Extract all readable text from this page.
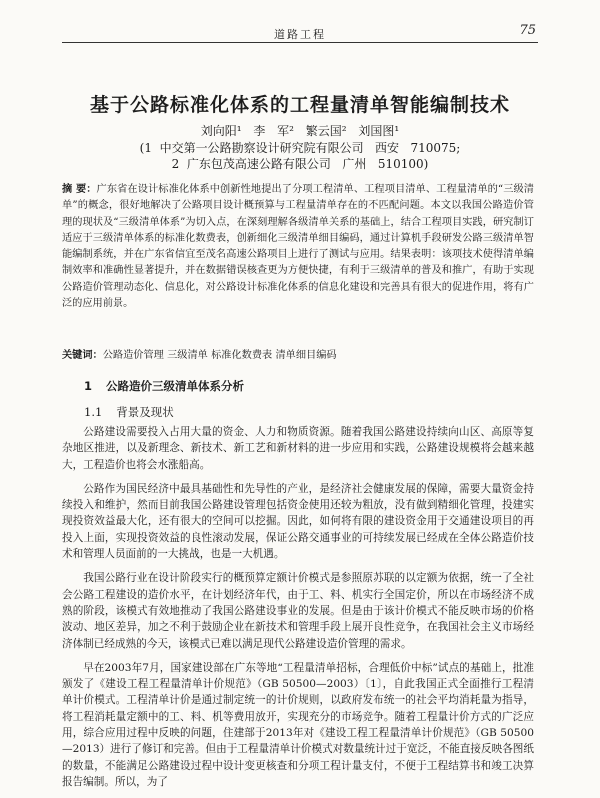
道路工程	75
基于公路标准化体系的工程量清单智能编制技术
刘向阳¹ 李 军² 繁云国² 刘国图¹
(1  中交第一公路勘察设计研究院有限公司   西安   710075;
2  广东包茂高速公路有限公司   广州   510100)
摘 要：广东省在设计标准化体系中创新性地提出了分项工程清单、工程项目清单、工程量清单的“三级清单”的概念，很好地解决了公路项目设计概预算与工程量清单存在的不匹配问题。本文以我国公路造价管理的现状及“三级清单体系”为切入点，在深刻理解各级清单关系的基础上，结合工程项目实践，研究制订适应于三级清单体系的标准化数费表，创新细化三级清单细目编码，通过计算机手段研发公路三级清单智能编制系统，并在广东省信宜至茂名高速公路项目上进行了测试与应用。结果表明：该项技术使得清单编制效率和准确性显著提升，并在数据错误核查更为方便快捷，有利于三级清单的普及和推广，有助于实现公路造价管理动态化、信息化，对公路设计标准化体系的信息化建设和完善具有很大的促进作用，将有广泛的应用前景。
关键词：公路造价管理 三级清单 标准化数费表 清单细目编码
1 公路造价三级清单体系分析
1.1 背景及现状

公路建设需要投入占用大量的资金、人力和物质资源。随着我国公路建设持续向山区、高原等复杂地区推进，以及新理念、新技术、新工艺和新材料的进一步应用和实践，公路建设规模将会越来越大，工程造价也将会水涨船高。

公路作为国民经济中最具基础性和先导性的产业，是经济社会健康发展的保障，需要大量资金持续投入和维护，然而目前我国公路建设管理包括资金使用还较为粗放，没有做到精细化管理，投建实现投资效益最大化，还有很大的空间可以挖掘。因此，如何将有限的建设资金用于交通建设项目的再投入上面，实现投资效益的良性滚动发展，保证公路交通事业的可持续发展已经成在全体公路造价技术和管理人员面前的一大挑战，也是一大机遇。

我国公路行业在设计阶段实行的概预算定额计价模式是参照原苏联的以定额为依据，统一了全社会公路工程建设的造价水平，在计划经济年代，由于工、料、机实行全国定价，所以在市场经济不成熟的阶段，该模式有效地推动了我国公路建设事业的发展。但是由于该计价模式不能反映市场的价格波动、地区差异，加之不利于鼓励企业在新技术和管理手段上展开良性竞争，在我国社会主义市场经济体制已经成熟的今天，该模式已难以满足现代公路建设造价管理的需求。

早在2003年7月，国家建设部在广东等地“工程量清单招标，合理低价中标”试点的基础上，批准颁发了《建设工程工程量清单计价规范》（GB 50500—2003）〔1〕，自此我国正式全面推行工程清单计价模式。工程清单计价是通过制定统一的计价规则，以政府发布统一的社会平均消耗量为指导，将工程消耗量定额中的工、料、机等费用放开，实现充分的市场竞争。随着工程量计价方式的广泛应用，综合应用过程中反映的问题，住建部于2013年对《建设工程工程量清单计价规范》（GB 50500—2013）进行了修订和完善。但由于工程量清单计价模式对数量统计过于宽泛，不能直接反映各图纸的数量，不能满足公路建设过程中设计变更核查和分项工程计量支付，不便于工程结算书和竣工决算报告编制。所以，为了
